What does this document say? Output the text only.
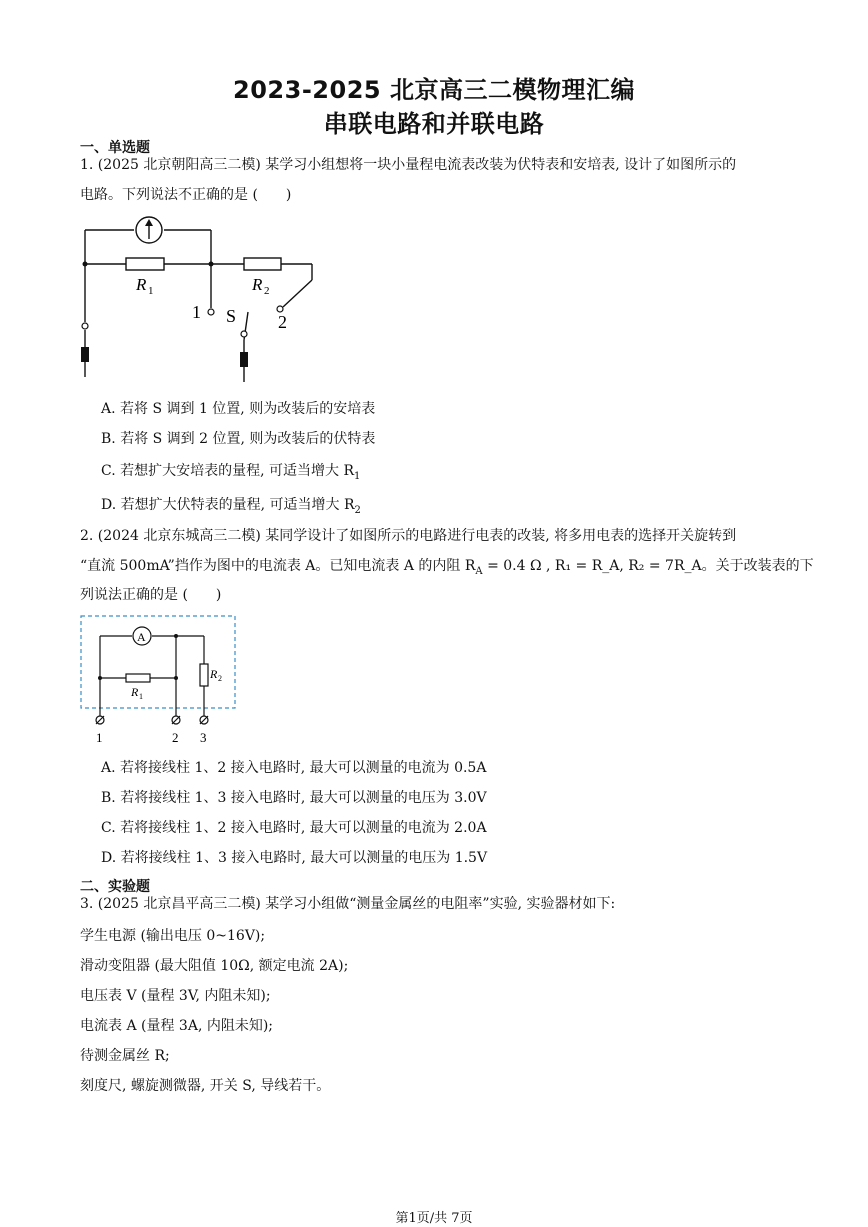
2023-2025 北京高三二模物理汇编
串联电路和并联电路
一、单选题
1. (2025 北京朝阳高三二模) 某学习小组想将一块小量程电流表改装为伏特表和安培表, 设计了如图所示的
电路。下列说法不正确的是 (　　)
R 1	R 2
1 S 2
A. 若将 S 调到 1 位置, 则为改装后的安培表
B. 若将 S 调到 2 位置, 则为改装后的伏特表
C. 若想扩大安培表的量程, 可适当增大 $R_1$
D. 若想扩大伏特表的量程, 可适当增大 $R_2$
2. (2024 北京东城高三二模) 某同学设计了如图所示的电路进行电表的改装, 将多用电表的选择开关旋转到
“直流 500mA”挡作为图中的电流表 A。已知电流表 A 的内阻 $R_A = 0.4$ Ω , R₁ = R_A, R₂ = 7R_A。关于改装表的下
列说法正确的是 (　　)
A
R 1
R 2
1	2 3
A. 若将接线柱 1、2 接入电路时, 最大可以测量的电流为 0.5A
B. 若将接线柱 1、3 接入电路时, 最大可以测量的电压为 3.0V
C. 若将接线柱 1、2 接入电路时, 最大可以测量的电流为 2.0A
D. 若将接线柱 1、3 接入电路时, 最大可以测量的电压为 1.5V
二、实验题
3. (2025 北京昌平高三二模) 某学习小组做“测量金属丝的电阻率”实验, 实验器材如下:
学生电源 (输出电压 0~16V);
滑动变阻器 (最大阻值 10Ω, 额定电流 2A);
电压表 V (量程 3V, 内阻未知);
电流表 A (量程 3A, 内阻未知);
待测金属丝 R;
刻度尺, 螺旋测微器, 开关 S, 导线若干。
第1页/共 7页
